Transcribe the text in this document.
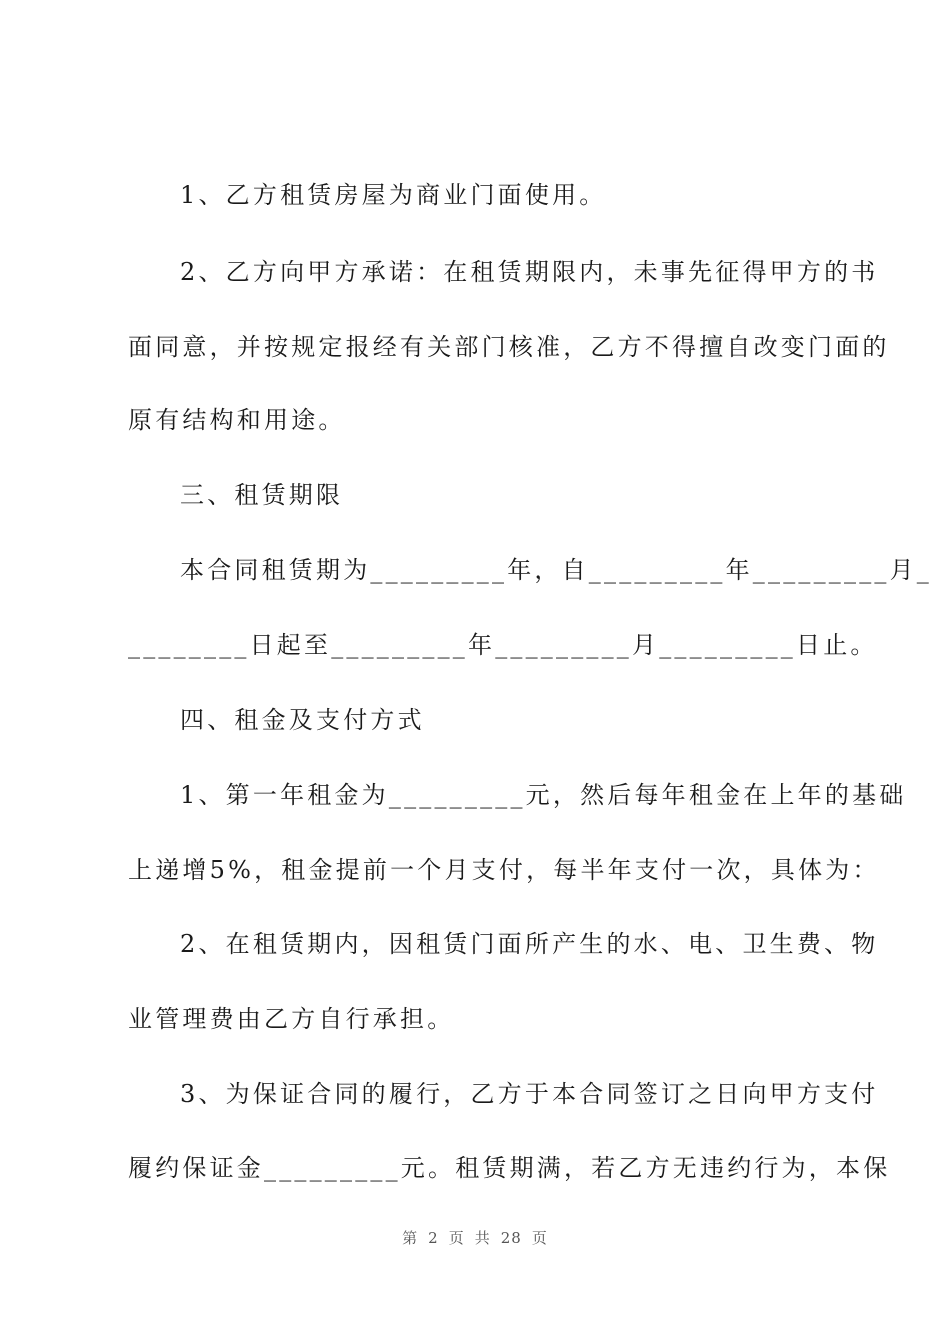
1、乙方租赁房屋为商业门面使用。
2、乙方向甲方承诺：在租赁期限内，未事先征得甲方的书
面同意，并按规定报经有关部门核准，乙方不得擅自改变门面的
原有结构和用途。
三、租赁期限
本合同租赁期为_________年，自_________年_________月_
________日起至_________年_________月_________日止。
四、租金及支付方式
1、第一年租金为_________元，然后每年租金在上年的基础
上递增5%，租金提前一个月支付，每半年支付一次，具体为：
2、在租赁期内，因租赁门面所产生的水、电、卫生费、物
业管理费由乙方自行承担。
3、为保证合同的履行，乙方于本合同签订之日向甲方支付
履约保证金_________元。租赁期满，若乙方无违约行为，本保
第 2 页 共 28 页
